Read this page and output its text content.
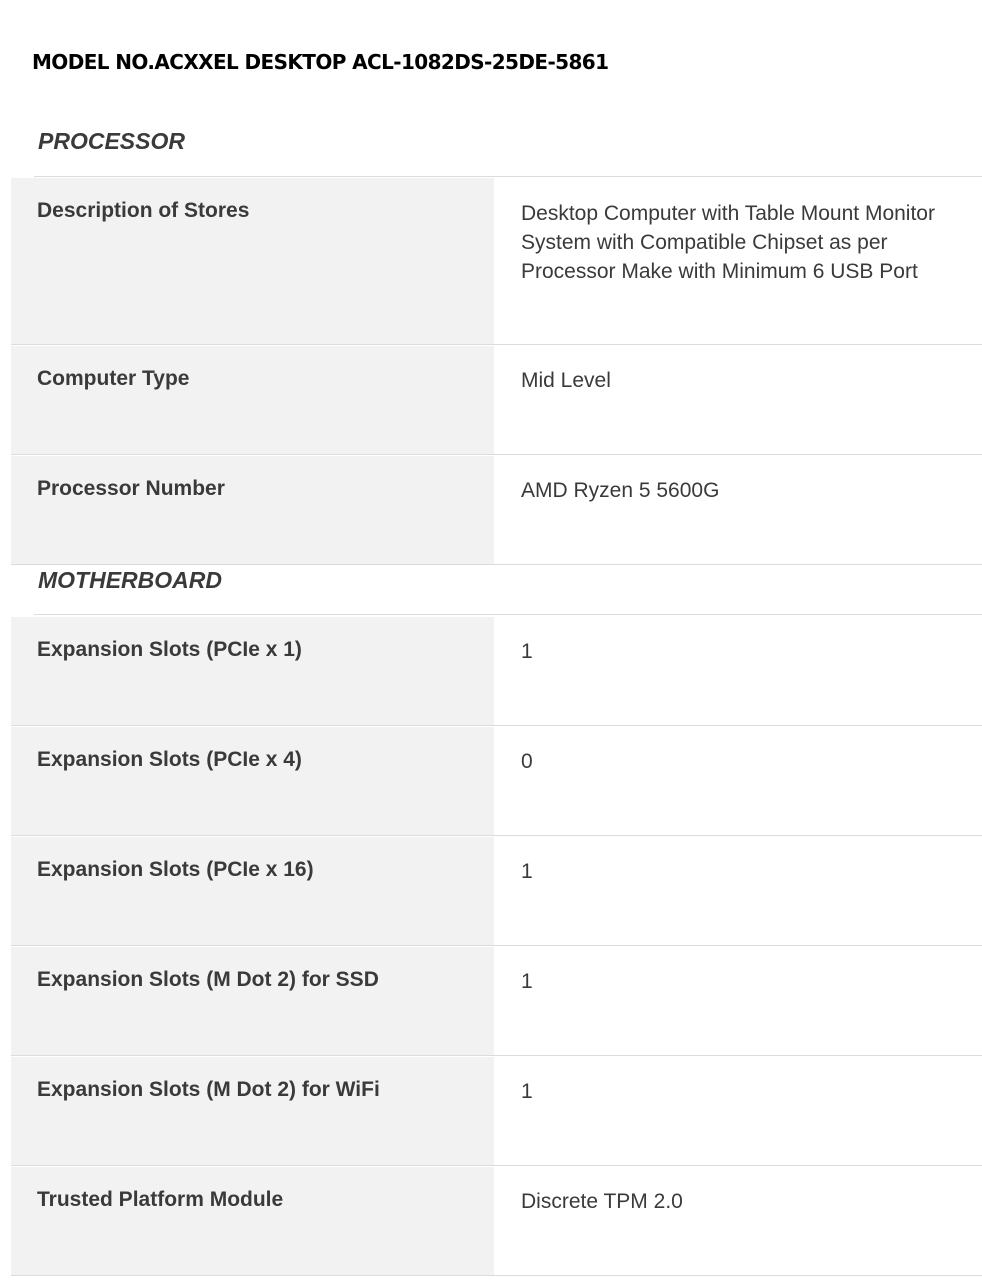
MODEL NO.ACXXEL DESKTOP ACL-1082DS-25DE-5861
PROCESSOR
Description of Stores	Desktop Computer with Table Mount Monitor System with Compatible Chipset as per Processor Make with Minimum 6 USB Port
Computer Type	Mid Level
Processor Number	AMD Ryzen 5 5600G
MOTHERBOARD
Expansion Slots (PCIe x 1)	1
Expansion Slots (PCIe x 4)	0
Expansion Slots (PCIe x 16)	1
Expansion Slots (M Dot 2) for SSD	1
Expansion Slots (M Dot 2) for WiFi	1
Trusted Platform Module	Discrete TPM 2.0
